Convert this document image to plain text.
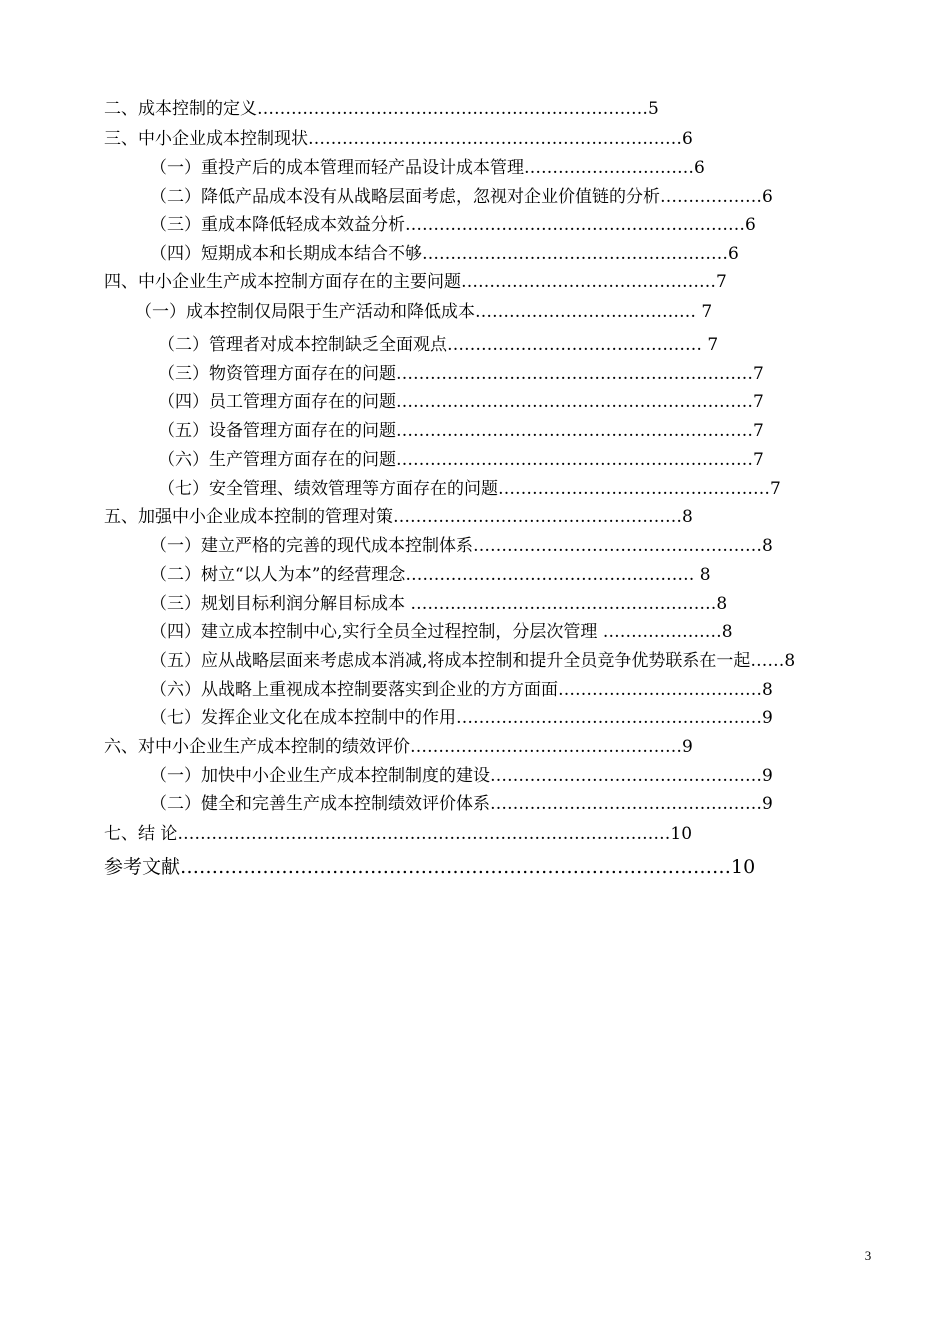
二、成本控制的定义……………………………………………………………5
三、中小企业成本控制现状…………………………………………………………6
（一）重投产后的成本管理而轻产品设计成本管理…………………………6
（二）降低产品成本没有从战略层面考虑，忽视对企业价值链的分析………………6
（三）重成本降低轻成本效益分析……………………………………………………6
（四）短期成本和长期成本结合不够………………………………………………6
四、中小企业生产成本控制方面存在的主要问题………………………………………7
（一）成本控制仅局限于生产活动和降低成本………………………………… 7
（二）管理者对成本控制缺乏全面观点……………………………………… 7
（三）物资管理方面存在的问题………………………………………………………7
（四）员工管理方面存在的问题………………………………………………………7
（五）设备管理方面存在的问题………………………………………………………7
（六）生产管理方面存在的问题………………………………………………………7
（七）安全管理、绩效管理等方面存在的问题…………………………………………7
五、加强中小企业成本控制的管理对策……………………………………………8
（一）建立严格的完善的现代成本控制体系……………………………………………8
（二）树立“以人为本”的经营理念…………………………………………… 8
（三）规划目标利润分解目标成本 ………………………………………………8
（四）建立成本控制中心,实行全员全过程控制，分层次管理 …………………8
（五）应从战略层面来考虑成本消减,将成本控制和提升全员竞争优势联系在一起……8
（六）从战略上重视成本控制要落实到企业的方方面面………………………………8
（七）发挥企业文化在成本控制中的作用………………………………………………9
六、对中小企业生产成本控制的绩效评价…………………………………………9
（一）加快中小企业生产成本控制制度的建设…………………………………………9
（二）健全和完善生产成本控制绩效评价体系…………………………………………9
七、结 论……………………………………………………………………………10
参考文献……………………………………………………………………………10
3
